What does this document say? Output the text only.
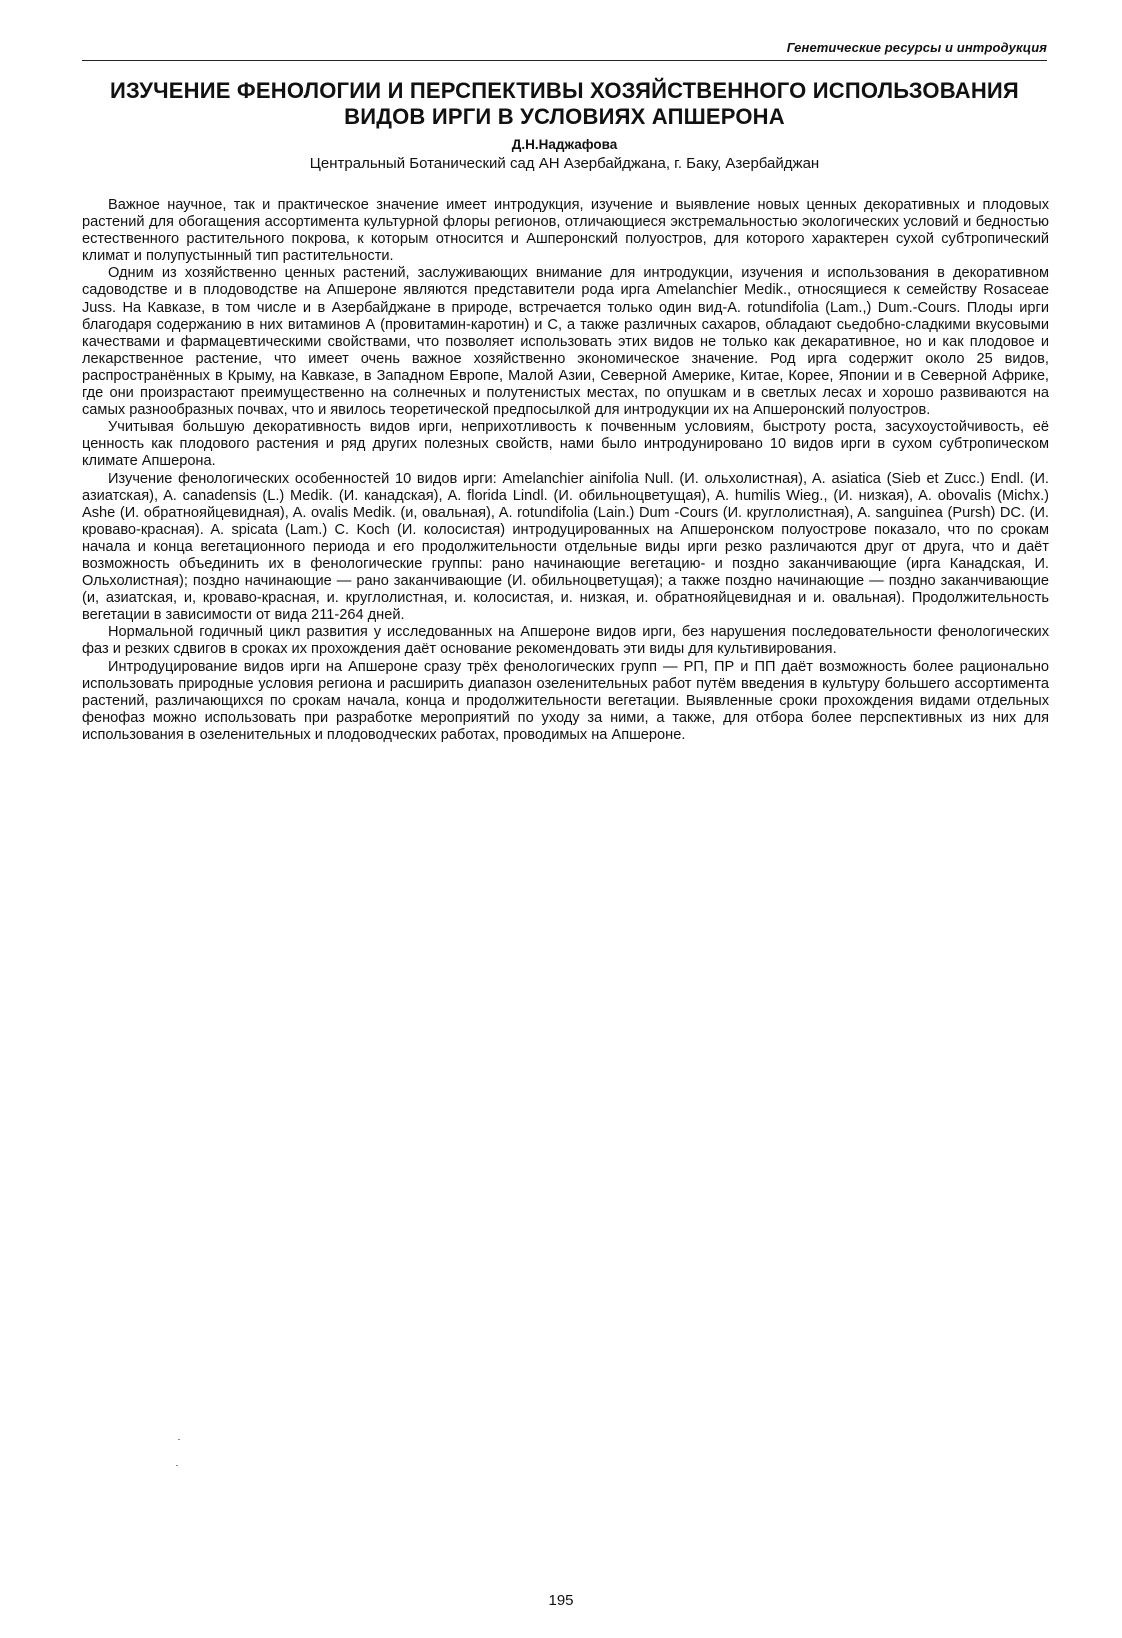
Генетические ресурсы и интродукция
ИЗУЧЕНИЕ ФЕНОЛОГИИ И ПЕРСПЕКТИВЫ ХОЗЯЙСТВЕННОГО ИСПОЛЬЗОВАНИЯ ВИДОВ ИРГИ В УСЛОВИЯХ АПШЕРОНА

Д.Н.Наджафова

Центральный Ботанический сад АН Азербайджана, г. Баку, Азербайджан

Важное научное, так и практическое значение имеет интродукция, изучение и выявление новых ценных декоративных и плодовых растений для обогащения ассортимента культурной флоры регионов, отличающиеся экстремальностью экологических условий и бедностью естественного растительного покрова, к которым относится и Ашперонский полуостров, для которого характерен сухой субтропический климат и полупустынный тип растительности.

Одним из хозяйственно ценных растений, заслуживающих внимание для интродукции, изучения и использования в декоративном садоводстве и в плодоводстве на Апшероне являются представители рода ирга Amelanchier Medik., относящиеся к семейству Rosaceae Juss. На Кавказе, в том числе и в Азербайджане в природе, встречается только один вид-A. rotundifolia (Lam.,) Dum.-Cours. Плоды ирги благодаря содержанию в них витаминов А (провитамин-каротин) и С, а также различных сахаров, обладают сьедобно-сладкими вкусовыми качествами и фармацевтическими свойствами, что позволяет использовать этих видов не только как декаративное, но и как плодовое и лекарственное растение, что имеет очень важное хозяйственно экономическое значение. Род ирга содержит около 25 видов, распространённых в Крыму, на Кавказе, в Западном Европе, Малой Азии, Северной Америке, Китае, Корее, Японии и в Северной Африке, где они произрастают преимущественно на солнечных и полутенистых местах, по опушкам и в светлых лесах и хорошо развиваются на самых разнообразных почвах, что и явилось теоретической предпосылкой для интродукции их на Апшеронский полуостров.

Учитывая большую декоративность видов ирги, неприхотливость к почвенным условиям, быстроту роста, засухоустойчивость, её ценность как плодового растения и ряд других полезных свойств, нами было интродунировано 10 видов ирги в сухом субтропическом климате Апшерона.

Изучение фенологических особенностей 10 видов ирги: Amelanchier ainifolia Null. (И. ольхолистная), A. asiatica (Sieb et Zucc.) Endl. (И. азиатская), A. canadensis (L.) Medik. (И. канадская), A. florida Lindl. (И. обильноцветущая), A. humilis Wieg., (И. низкая), A. obovalis (Michx.) Ashe (И. обратнояйцевидная), A. ovalis Medik. (и, овальная), A. rotundifolia (Lain.) Dum -Cours (И. круглолистная), A. sanguinea (Pursh) DC. (И. кроваво-красная). A. spicata (Lam.) C. Koch (И. колосистая) интродуцированных на Апшеронском полуострове показало, что по срокам начала и конца вегетационного периода и его продолжительности отдельные виды ирги резко различаются друг от друга, что и даёт возможность объединить их в фенологические группы: рано начинающие вегетацию- и поздно заканчивающие (ирга Канадская, И. Ольхолистная); поздно начинающие — рано заканчивающие (И. обильноцветущая); а также поздно начинающие — поздно заканчивающие (и, азиатская, и, кроваво-красная, и. круглолистная, и. колосистая, и. низкая, и. обратнояйцевидная и и. овальная). Продолжительность вегетации в зависимости от вида 211-264 дней.

Нормальной годичный цикл развития у исследованных на Апшероне видов ирги, без нарушения последовательности фенологических фаз и резких сдвигов в сроках их прохождения даёт основание рекомендовать эти виды для культивирования.

Интродуцирование видов ирги на Апшероне сразу трёх фенологических групп — РП, ПР и ПП даёт возможность более рационально использовать природные условия региона и расширить диапазон озеленительных работ путём введения в культуру большего ассортимента растений, различающихся по срокам начала, конца и продолжительности вегетации. Выявленные сроки прохождения видами отдельных фенофаз можно использовать при разработке мероприятий по уходу за ними, а также, для отбора более перспективных из них для использования в озеленительных и плодоводческих работах, проводимых на Апшероне.

195
